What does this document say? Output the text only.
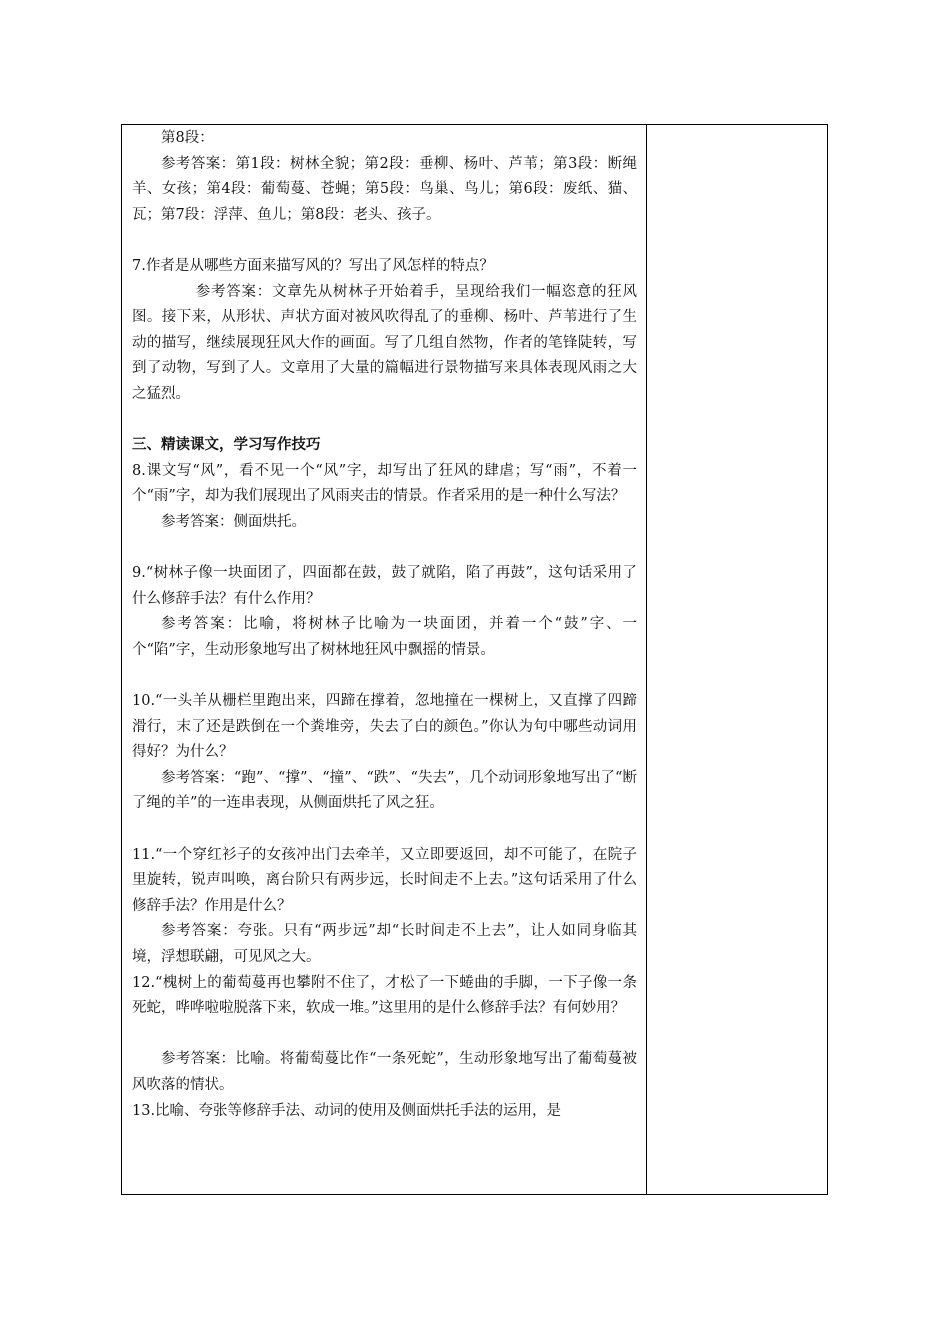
第8段：

参考答案：第1段：树林全貌；第2段：垂柳、杨叶、芦苇；第3段：断绳羊、女孩；第4段：葡萄蔓、苍蝇；第5段：鸟巢、鸟儿；第6段：废纸、猫、瓦；第7段：浮萍、鱼儿；第8段：老头、孩子。

7.作者是从哪些方面来描写风的？写出了风怎样的特点？

参考答案：文章先从树林子开始着手，呈现给我们一幅恣意的狂风图。接下来，从形状、声状方面对被风吹得乱了的垂柳、杨叶、芦苇进行了生动的描写，继续展现狂风大作的画面。写了几组自然物，作者的笔锋陡转，写到了动物，写到了人。文章用了大量的篇幅进行景物描写来具体表现风雨之大之猛烈。

三、精读课文，学习写作技巧

8.课文写“风”，看不见一个“风”字，却写出了狂风的肆虐；写“雨”，不着一个“雨”字，却为我们展现出了风雨夹击的情景。作者采用的是一种什么写法？

参考答案：侧面烘托。

9.“树林子像一块面团了，四面都在鼓，鼓了就陷，陷了再鼓”，这句话采用了什么修辞手法？有什么作用？

参考答案：比喻，将树林子比喻为一块面团，并着一个“鼓”字、一个“陷”字，生动形象地写出了树林地狂风中飘摇的情景。

10.“一头羊从栅栏里跑出来，四蹄在撑着，忽地撞在一棵树上，又直撑了四蹄滑行，末了还是跌倒在一个粪堆旁，失去了白的颜色。”你认为句中哪些动词用得好？为什么？

参考答案：“跑”、“撑”、“撞”、“跌”、“失去”，几个动词形象地写出了“断了绳的羊”的一连串表现，从侧面烘托了风之狂。

11.“一个穿红衫子的女孩冲出门去牵羊，又立即要返回，却不可能了，在院子里旋转，锐声叫唤，离台阶只有两步远，长时间走不上去。”这句话采用了什么修辞手法？作用是什么？

参考答案：夸张。只有“两步远”却“长时间走不上去”，让人如同身临其境，浮想联翩，可见风之大。

12.“槐树上的葡萄蔓再也攀附不住了，才松了一下蜷曲的手脚，一下子像一条死蛇，哗哗啦啦脱落下来，软成一堆。”这里用的是什么修辞手法？有何妙用？

参考答案：比喻。将葡萄蔓比作“一条死蛇”，生动形象地写出了葡萄蔓被风吹落的情状。

13.比喻、夸张等修辞手法、动词的使用及侧面烘托手法的运用，是
